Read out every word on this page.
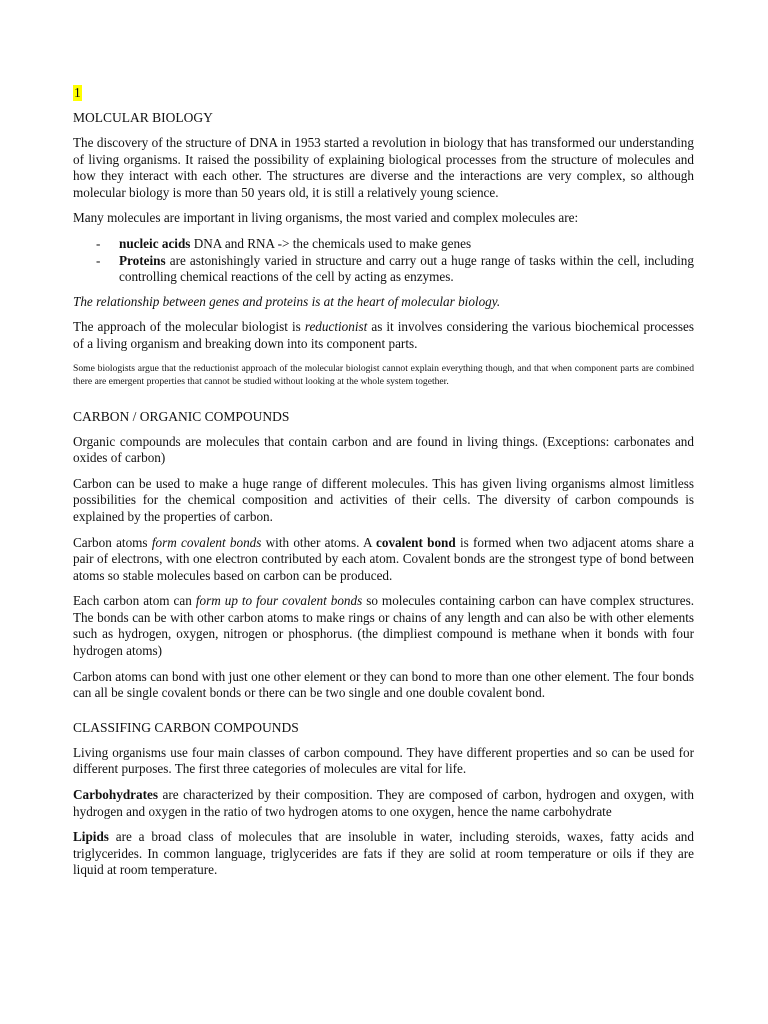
1
MOLCULAR BIOLOGY

The discovery of the structure of DNA in 1953 started a revolution in biology that has transformed our understanding of living organisms. It raised the possibility of explaining biological processes from the structure of molecules and how they interact with each other. The structures are diverse and the interactions are very complex, so although molecular biology is more than 50 years old, it is still a relatively young science.

Many molecules are important in living organisms, the most varied and complex molecules are:

- nucleic acids DNA and RNA -> the chemicals used to make genes
- Proteins are astonishingly varied in structure and carry out a huge range of tasks within the cell, including controlling chemical reactions of the cell by acting as enzymes.

The relationship between genes and proteins is at the heart of molecular biology.

The approach of the molecular biologist is reductionist as it involves considering the various biochemical processes of a living organism and breaking down into its component parts.

Some biologists argue that the reductionist approach of the molecular biologist cannot explain everything though, and that when component parts are combined there are emergent properties that cannot be studied without looking at the whole system together.

CARBON / ORGANIC COMPOUNDS

Organic compounds are molecules that contain carbon and are found in living things. (Exceptions: carbonates and oxides of carbon)

Carbon can be used to make a huge range of different molecules. This has given living organisms almost limitless possibilities for the chemical composition and activities of their cells. The diversity of carbon compounds is explained by the properties of carbon.

Carbon atoms form covalent bonds with other atoms. A covalent bond is formed when two adjacent atoms share a pair of electrons, with one electron contributed by each atom. Covalent bonds are the strongest type of bond between atoms so stable molecules based on carbon can be produced.

Each carbon atom can form up to four covalent bonds so molecules containing carbon can have complex structures. The bonds can be with other carbon atoms to make rings or chains of any length and can also be with other elements such as hydrogen, oxygen, nitrogen or phosphorus. (the dimpliest compound is methane when it bonds with four hydrogen atoms)

Carbon atoms can bond with just one other element or they can bond to more than one other element. The four bonds can all be single covalent bonds or there can be two single and one double covalent bond.

CLASSIFING CARBON COMPOUNDS

Living organisms use four main classes of carbon compound. They have different properties and so can be used for different purposes. The first three categories of molecules are vital for life.

Carbohydrates are characterized by their composition. They are composed of carbon, hydrogen and oxygen, with hydrogen and oxygen in the ratio of two hydrogen atoms to one oxygen, hence the name carbohydrate

Lipids are a broad class of molecules that are insoluble in water, including steroids, waxes, fatty acids and triglycerides. In common language, triglycerides are fats if they are solid at room temperature or oils if they are liquid at room temperature.
